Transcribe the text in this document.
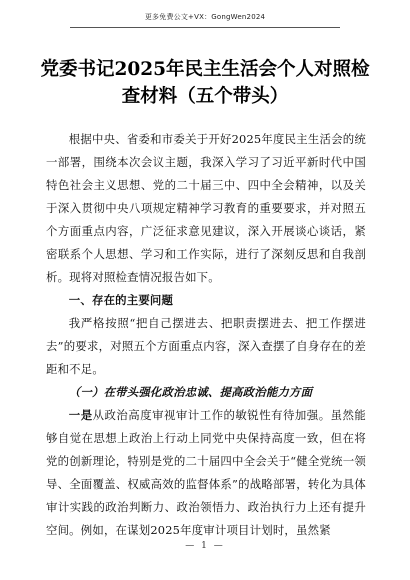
更多免费公文+VX：GongWen2024
党委书记2025年民主生活会个人对照检查材料（五个带头）

根据中央、省委和市委关于开好2025年度民主生活会的统一部署，围绕本次会议主题，我深入学习了习近平新时代中国特色社会主义思想、党的二十届三中、四中全会精神，以及关于深入贯彻中央八项规定精神学习教育的重要要求，并对照五个方面重点内容，广泛征求意见建议，深入开展谈心谈话，紧密联系个人思想、学习和工作实际，进行了深刻反思和自我剖析。现将对照检查情况报告如下。

一、存在的主要问题

我严格按照“把自己摆进去、把职责摆进去、把工作摆进去”的要求，对照五个方面重点内容，深入查摆了自身存在的差距和不足。

（一）在带头强化政治忠诚、提高政治能力方面

一是从政治高度审视审计工作的敏锐性有待加强。虽然能够自觉在思想上政治上行动上同党中央保持高度一致，但在将党的创新理论，特别是党的二十届四中全会关于“健全党统一领导、全面覆盖、权威高效的监督体系”的战略部署，转化为具体审计实践的政治判断力、政治领悟力、政治执行力上还有提升空间。例如，在谋划2025年度审计项目计划时，虽然紧

— 1 —
